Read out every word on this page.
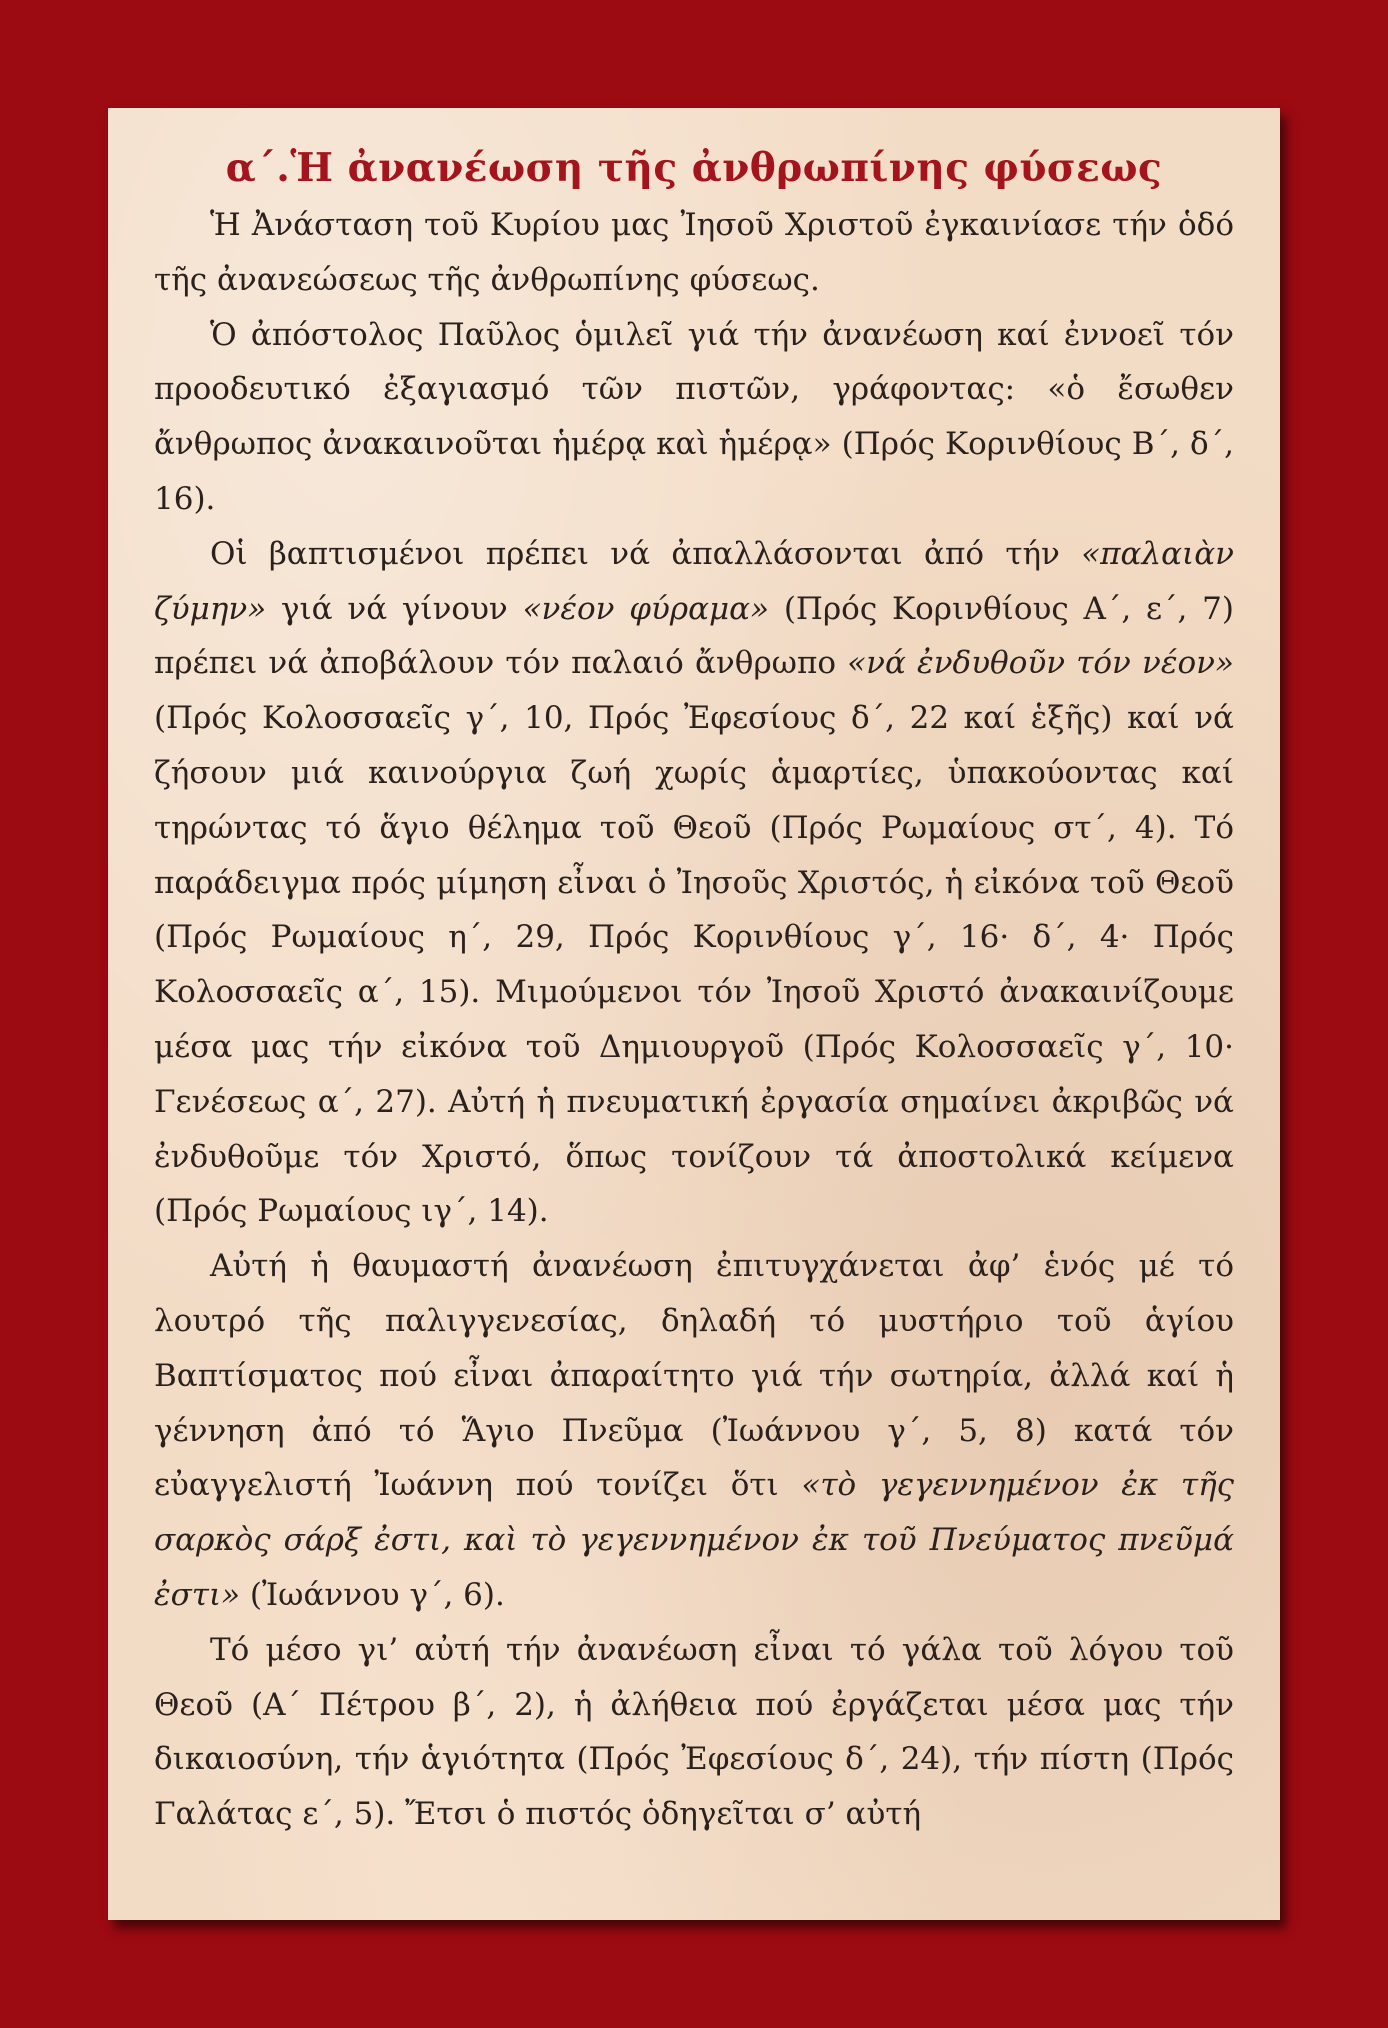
α΄.Ἡ ἀνανέωση τῆς ἀνθρωπίνης φύσεως

Ἡ Ἀνάσταση τοῦ Κυρίου μας Ἰησοῦ Χριστοῦ ἐγκαινίασε τήν ὁδό τῆς ἀνανεώσεως τῆς ἀνθρωπίνης φύσεως.

Ὁ ἀπόστολος Παῦλος ὁμιλεῖ γιά τήν ἀνανέωση καί ἐννοεῖ τόν προοδευτικό ἐξαγιασμό τῶν πιστῶν, γράφοντας: «ὁ ἔσωθεν ἄνθρωπος ἀνακαινοῦται ἡμέρᾳ καὶ ἡμέρᾳ» (Πρός Κορινθίους Β΄, δ΄, 16).

Οἱ βαπτισμένοι πρέπει νά ἀπαλλάσονται ἀπό τήν «παλαιὰν ζύμην» γιά νά γίνουν «νέον φύραμα» (Πρός Κορινθίους Α΄, ε΄, 7) πρέπει νά ἀποβάλουν τόν παλαιό ἄνθρωπο «νά ἐνδυθοῦν τόν νέον» (Πρός Κολοσσαεῖς γ΄, 10, Πρός Ἐφεσίους δ΄, 22 καί ἑξῆς) καί νά ζήσουν μιά καινούργια ζωή χωρίς ἁμαρτίες, ὑπακούοντας καί τηρώντας τό ἅγιο θέλημα τοῦ Θεοῦ (Πρός Ρωμαίους στ΄, 4). Τό παράδειγμα πρός μίμηση εἶναι ὁ Ἰησοῦς Χριστός, ἡ εἰκόνα τοῦ Θεοῦ (Πρός Ρωμαίους η΄, 29, Πρός Κορινθίους γ΄, 16· δ΄, 4· Πρός Κολοσσαεῖς α΄, 15). Μιμούμενοι τόν Ἰησοῦ Χριστό ἀνακαινίζουμε μέσα μας τήν εἰκόνα τοῦ Δημιουργοῦ (Πρός Κολοσσαεῖς γ΄, 10· Γενέσεως α΄, 27). Αὐτή ἡ πνευματική ἐργασία σημαίνει ἀκριβῶς νά ἐνδυθοῦμε τόν Χριστό, ὅπως τονίζουν τά ἀποστολικά κείμενα (Πρός Ρωμαίους ιγ΄, 14).

Αὐτή ἡ θαυμαστή ἀνανέωση ἐπιτυγχάνεται ἀφ’ ἑνός μέ τό λουτρό τῆς παλιγγενεσίας, δηλαδή τό μυστήριο τοῦ ἁγίου Βαπτίσματος πού εἶναι ἀπαραίτητο γιά τήν σωτηρία, ἀλλά καί ἡ γέννηση ἀπό τό Ἅγιο Πνεῦμα (Ἰωάννου γ΄, 5, 8) κατά τόν εὐαγγελιστή Ἰωάννη πού τονίζει ὅτι «τὸ γεγεννημένον ἐκ τῆς σαρκὸς σάρξ ἐστι, καὶ τὸ γεγεννημένον ἐκ τοῦ Πνεύματος πνεῦμά ἐστι» (Ἰωάννου γ΄, 6).

Τό μέσο γι’ αὐτή τήν ἀνανέωση εἶναι τό γάλα τοῦ λόγου τοῦ Θεοῦ (Α΄ Πέτρου β΄, 2), ἡ ἀλήθεια πού ἐργάζεται μέσα μας τήν δικαιοσύνη, τήν ἁγιότητα (Πρός Ἐφεσίους δ΄, 24), τήν πίστη (Πρός Γαλάτας ε΄, 5). Ἔτσι ὁ πιστός ὁδηγεῖται σ’ αὐτή
